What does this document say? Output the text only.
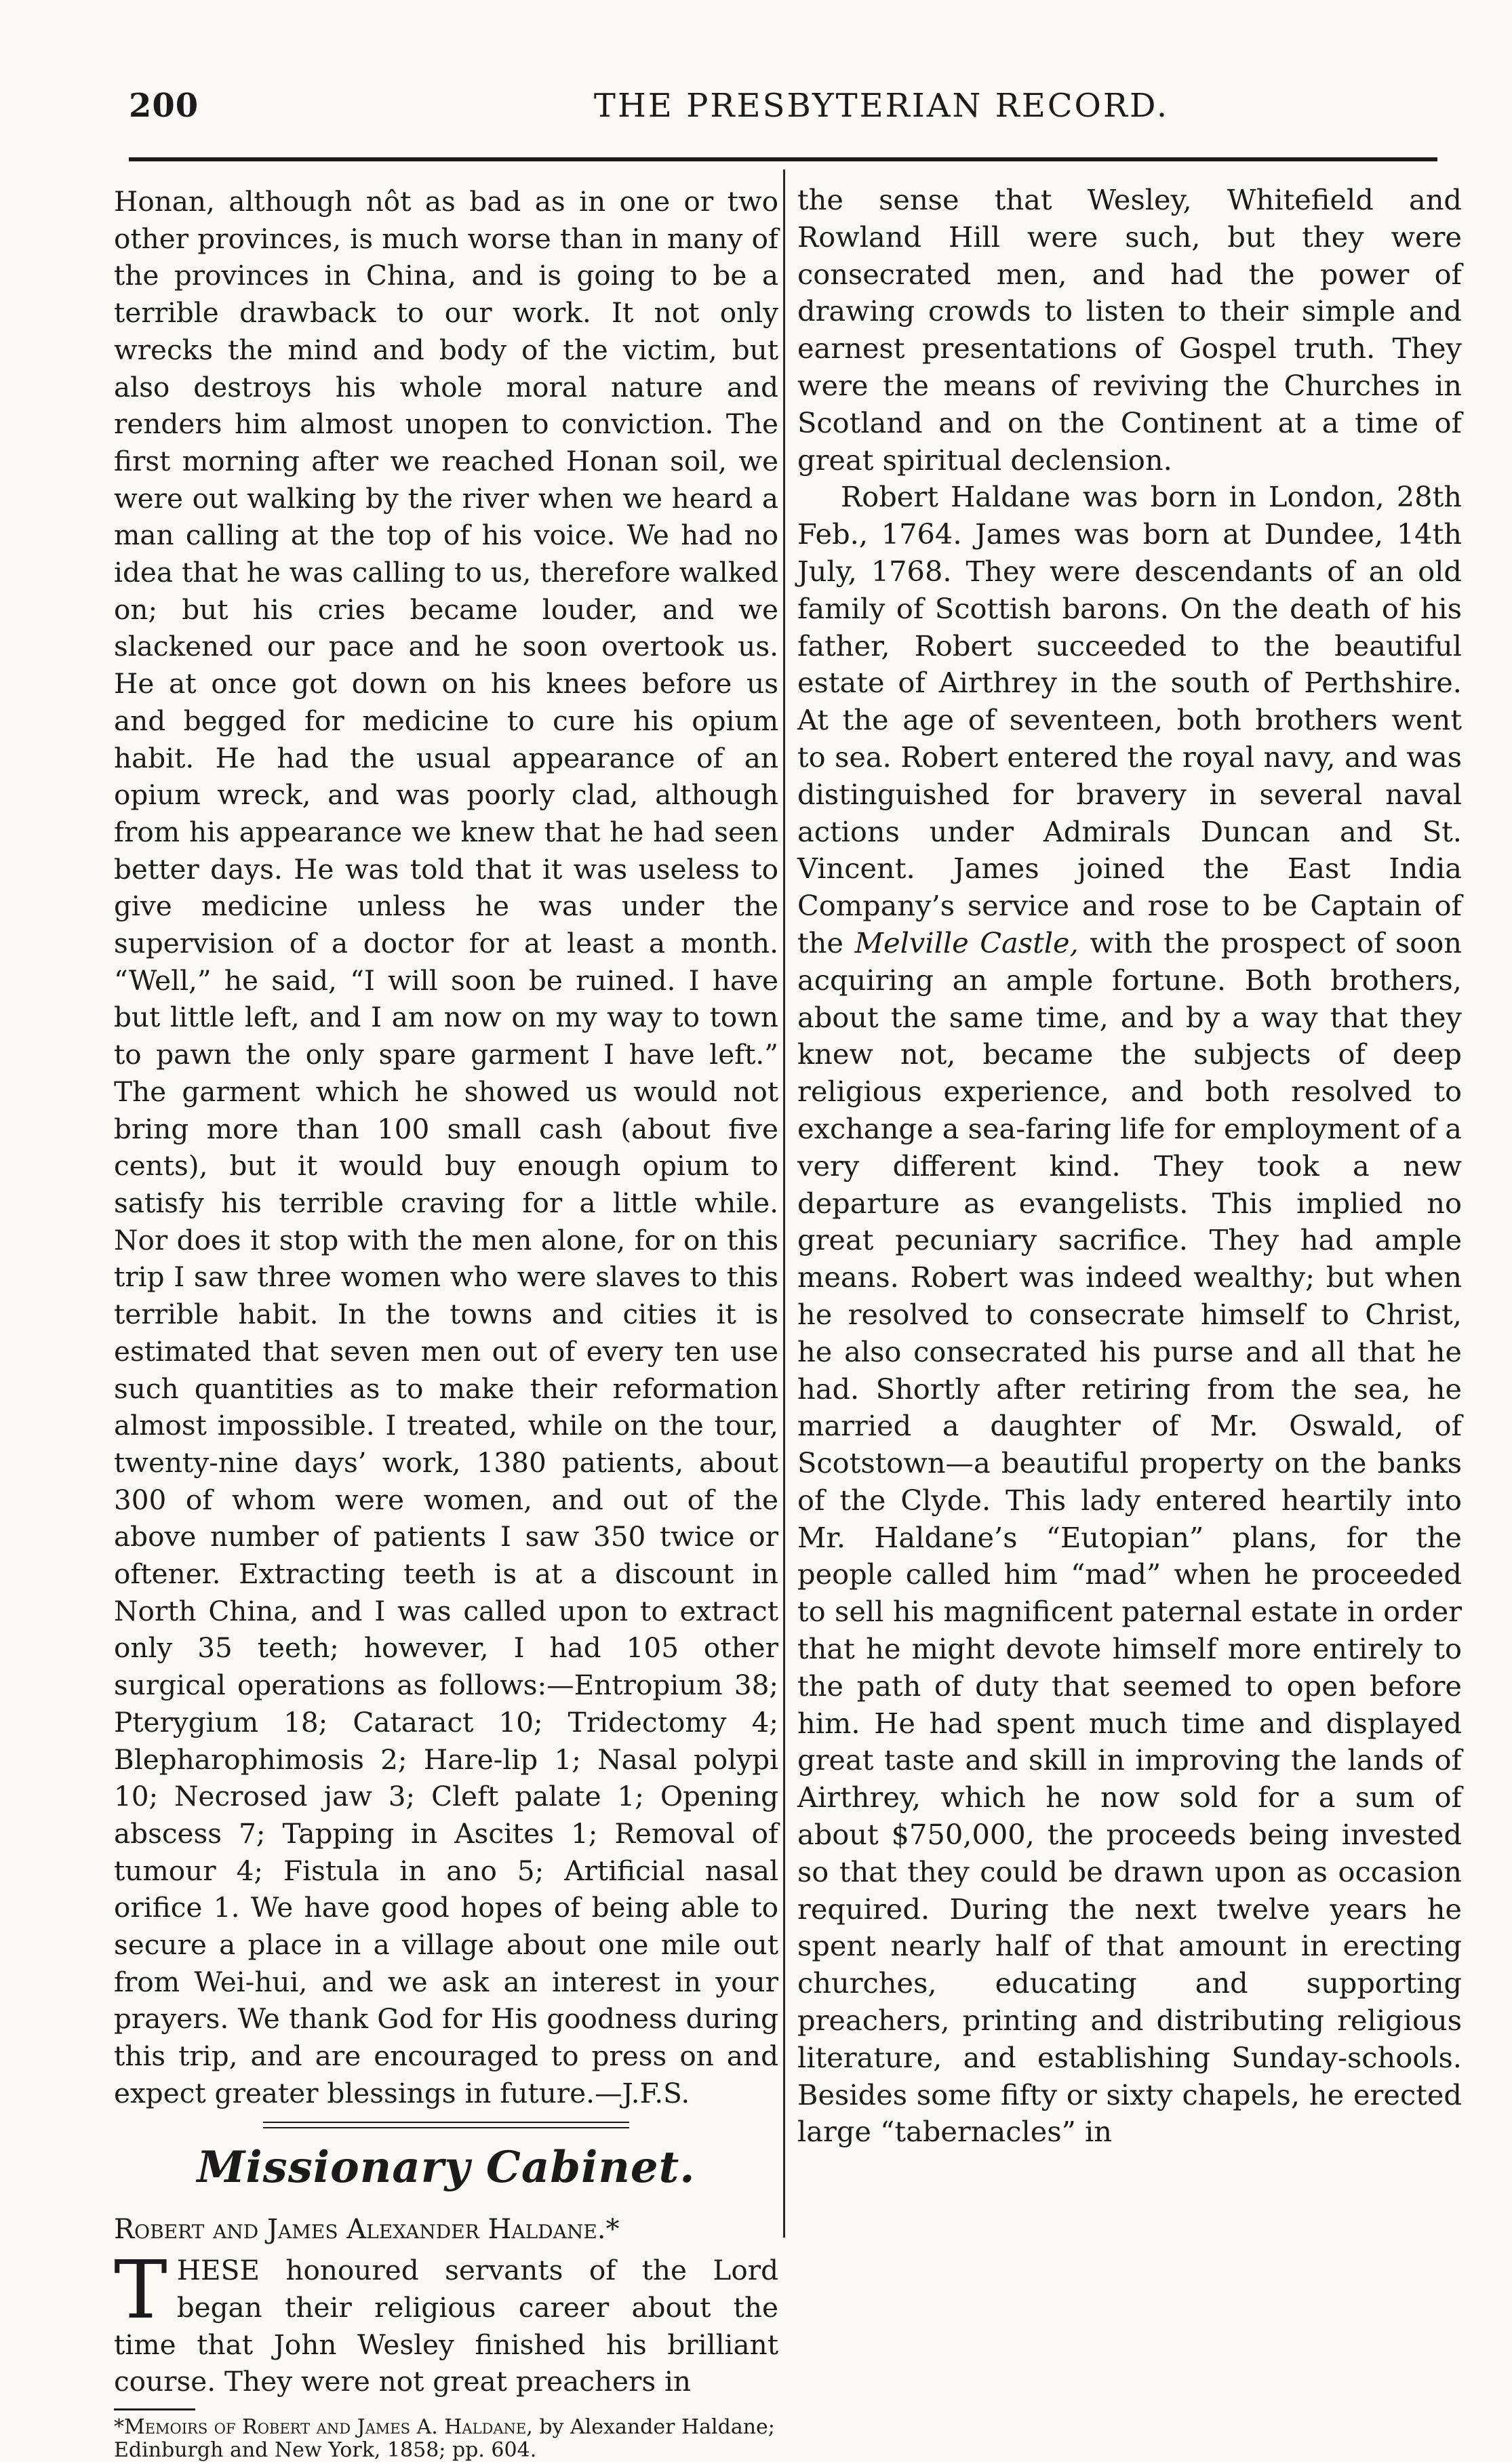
200	THE PRESBYTERIAN RECORD.

Honan, although nôt as bad as in one or two other provinces, is much worse than in many of the provinces in China, and is going to be a terrible drawback to our work. It not only wrecks the mind and body of the victim, but also destroys his whole moral nature and renders him almost unopen to conviction. The first morning after we reached Honan soil, we were out walking by the river when we heard a man calling at the top of his voice. We had no idea that he was calling to us, therefore walked on; but his cries became louder, and we slackened our pace and he soon overtook us. He at once got down on his knees before us and begged for medicine to cure his opium habit. He had the usual appearance of an opium wreck, and was poorly clad, although from his appearance we knew that he had seen better days. He was told that it was useless to give medicine unless he was under the supervision of a doctor for at least a month. “Well,” he said, “I will soon be ruined. I have but little left, and I am now on my way to town to pawn the only spare garment I have left.” The garment which he showed us would not bring more than 100 small cash (about five cents), but it would buy enough opium to satisfy his terrible craving for a little while. Nor does it stop with the men alone, for on this trip I saw three women who were slaves to this terrible habit. In the towns and cities it is estimated that seven men out of every ten use such quantities as to make their reformation almost impossible. I treated, while on the tour, twenty-nine days’ work, 1380 patients, about 300 of whom were women, and out of the above number of patients I saw 350 twice or oftener. Extracting teeth is at a discount in North China, and I was called upon to extract only 35 teeth; however, I had 105 other surgical operations as follows:—Entropium 38; Pterygium 18; Cataract 10; Tridectomy 4; Blepharophimosis 2; Hare-lip 1; Nasal polypi 10; Necrosed jaw 3; Cleft palate 1; Opening abscess 7; Tapping in Ascites 1; Removal of tumour 4; Fistula in ano 5; Artificial nasal orifice 1. We have good hopes of being able to secure a place in a village about one mile out from Wei-hui, and we ask an interest in your prayers. We thank God for His goodness during this trip, and are encouraged to press on and expect greater blessings in future.—J.F.S.

Missionary Cabinet.

Robert and James Alexander Haldane.*

THESE honoured servants of the Lord began their religious career about the time that John Wesley finished his brilliant course. They were not great preachers in

*Memoirs of Robert and James A. Haldane, by Alexander Haldane; Edinburgh and New York, 1858; pp. 604.

the sense that Wesley, Whitefield and Rowland Hill were such, but they were consecrated men, and had the power of drawing crowds to listen to their simple and earnest presentations of Gospel truth. They were the means of reviving the Churches in Scotland and on the Continent at a time of great spiritual declension.

Robert Haldane was born in London, 28th Feb., 1764. James was born at Dundee, 14th July, 1768. They were descendants of an old family of Scottish barons. On the death of his father, Robert succeeded to the beautiful estate of Airthrey in the south of Perthshire. At the age of seventeen, both brothers went to sea. Robert entered the royal navy, and was distinguished for bravery in several naval actions under Admirals Duncan and St. Vincent. James joined the East India Company’s service and rose to be Captain of the Melville Castle, with the prospect of soon acquiring an ample fortune. Both brothers, about the same time, and by a way that they knew not, became the subjects of deep religious experience, and both resolved to exchange a sea-faring life for employment of a very different kind. They took a new departure as evangelists. This implied no great pecuniary sacrifice. They had ample means. Robert was indeed wealthy; but when he resolved to consecrate himself to Christ, he also consecrated his purse and all that he had. Shortly after retiring from the sea, he married a daughter of Mr. Oswald, of Scotstown—a beautiful property on the banks of the Clyde. This lady entered heartily into Mr. Haldane’s “Eutopian” plans, for the people called him “mad” when he proceeded to sell his magnificent paternal estate in order that he might devote himself more entirely to the path of duty that seemed to open before him. He had spent much time and displayed great taste and skill in improving the lands of Airthrey, which he now sold for a sum of about $750,000, the proceeds being invested so that they could be drawn upon as occasion required. During the next twelve years he spent nearly half of that amount in erecting churches, educating and supporting preachers, printing and distributing religious literature, and establishing Sunday-schools. Besides some fifty or sixty chapels, he erected large “tabernacles” in
